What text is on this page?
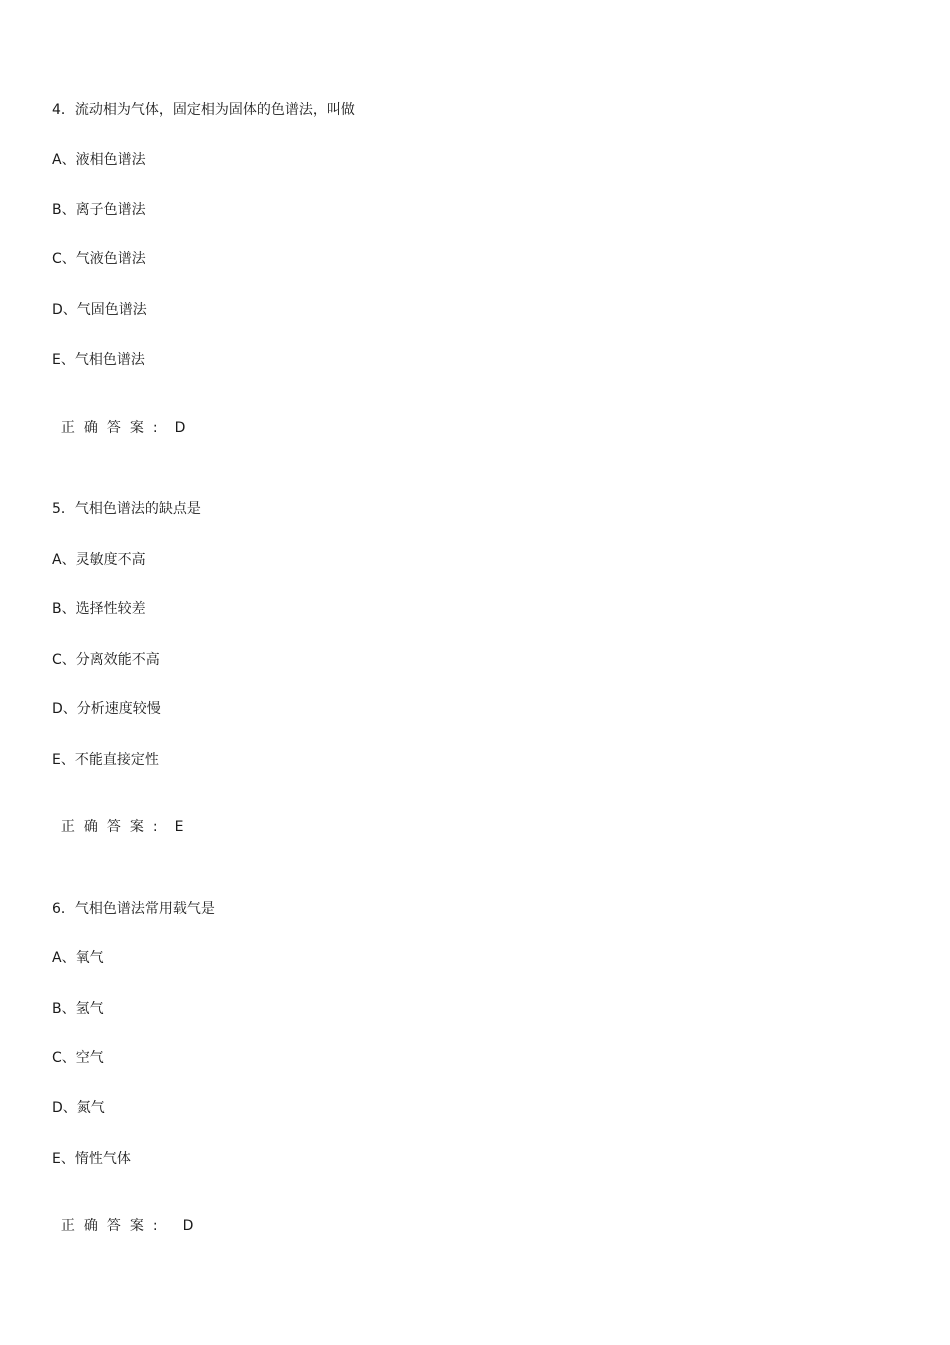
4．流动相为气体，固定相为固体的色谱法，叫做
A、液相色谱法
B、离子色谱法
C、气液色谱法
D、气固色谱法
E、气相色谱法

正确答案: D

5．气相色谱法的缺点是
A、灵敏度不高
B、选择性较差
C、分离效能不高
D、分析速度较慢
E、不能直接定性

正确答案: E

6．气相色谱法常用载气是
A、氧气
B、氢气
C、空气
D、氮气
E、惰性气体

正确答案: D
